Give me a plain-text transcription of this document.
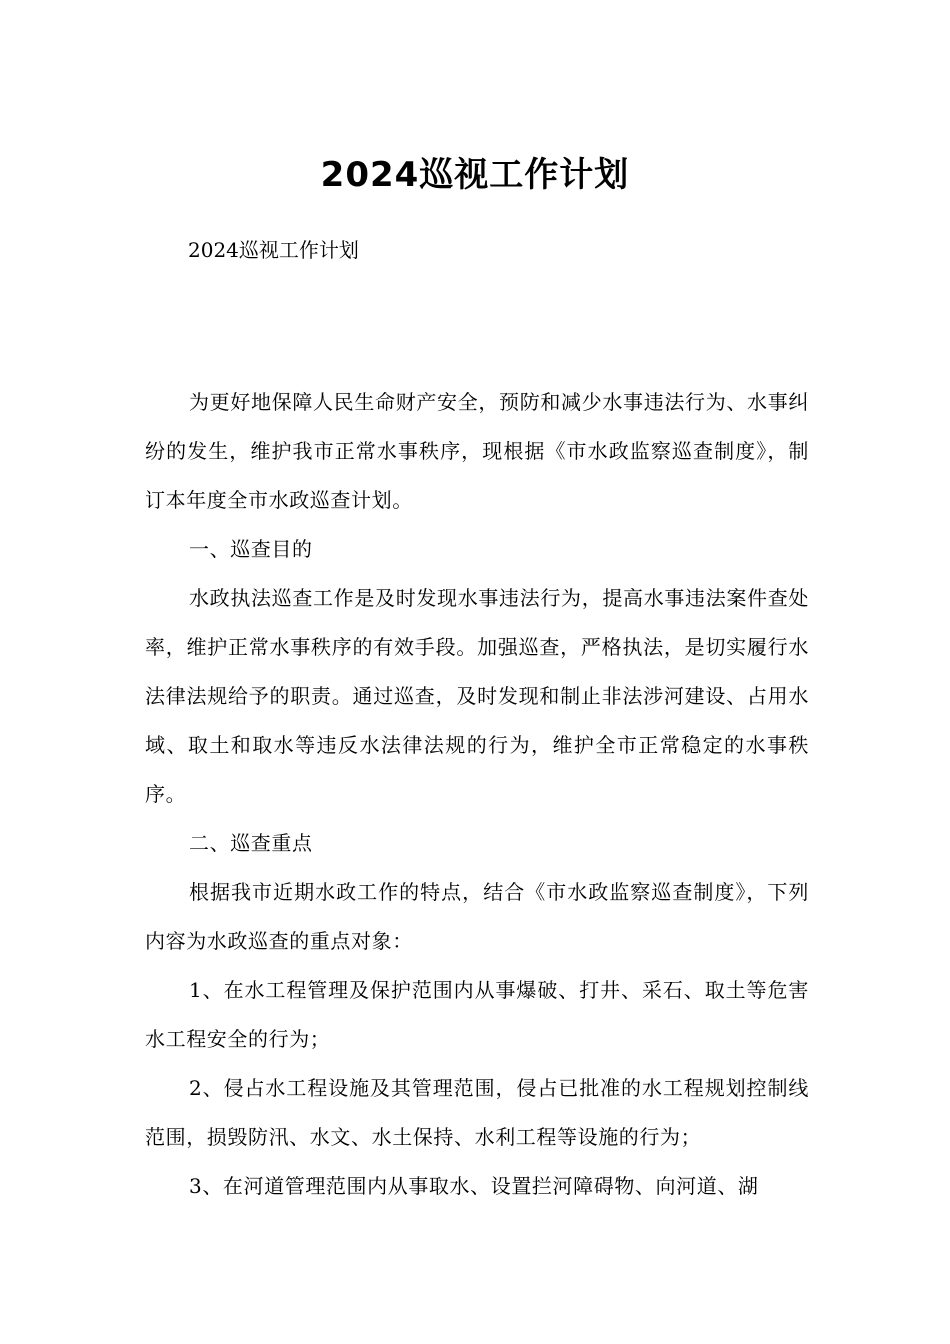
2024巡视工作计划
2024巡视工作计划

为更好地保障人民生命财产安全，预防和减少水事违法行为、水事纠纷的发生，维护我市正常水事秩序，现根据《市水政监察巡查制度》，制订本年度全市水政巡查计划。

一、巡查目的

水政执法巡查工作是及时发现水事违法行为，提高水事违法案件查处率，维护正常水事秩序的有效手段。加强巡查，严格执法，是切实履行水法律法规给予的职责。通过巡查，及时发现和制止非法涉河建设、占用水域、取土和取水等违反水法律法规的行为，维护全市正常稳定的水事秩序。

二、巡查重点

根据我市近期水政工作的特点，结合《市水政监察巡查制度》，下列内容为水政巡查的重点对象：

1、在水工程管理及保护范围内从事爆破、打井、采石、取土等危害水工程安全的行为；

2、侵占水工程设施及其管理范围，侵占已批准的水工程规划控制线范围，损毁防汛、水文、水土保持、水利工程等设施的行为；

3、在河道管理范围内从事取水、设置拦河障碍物、向河道、湖
